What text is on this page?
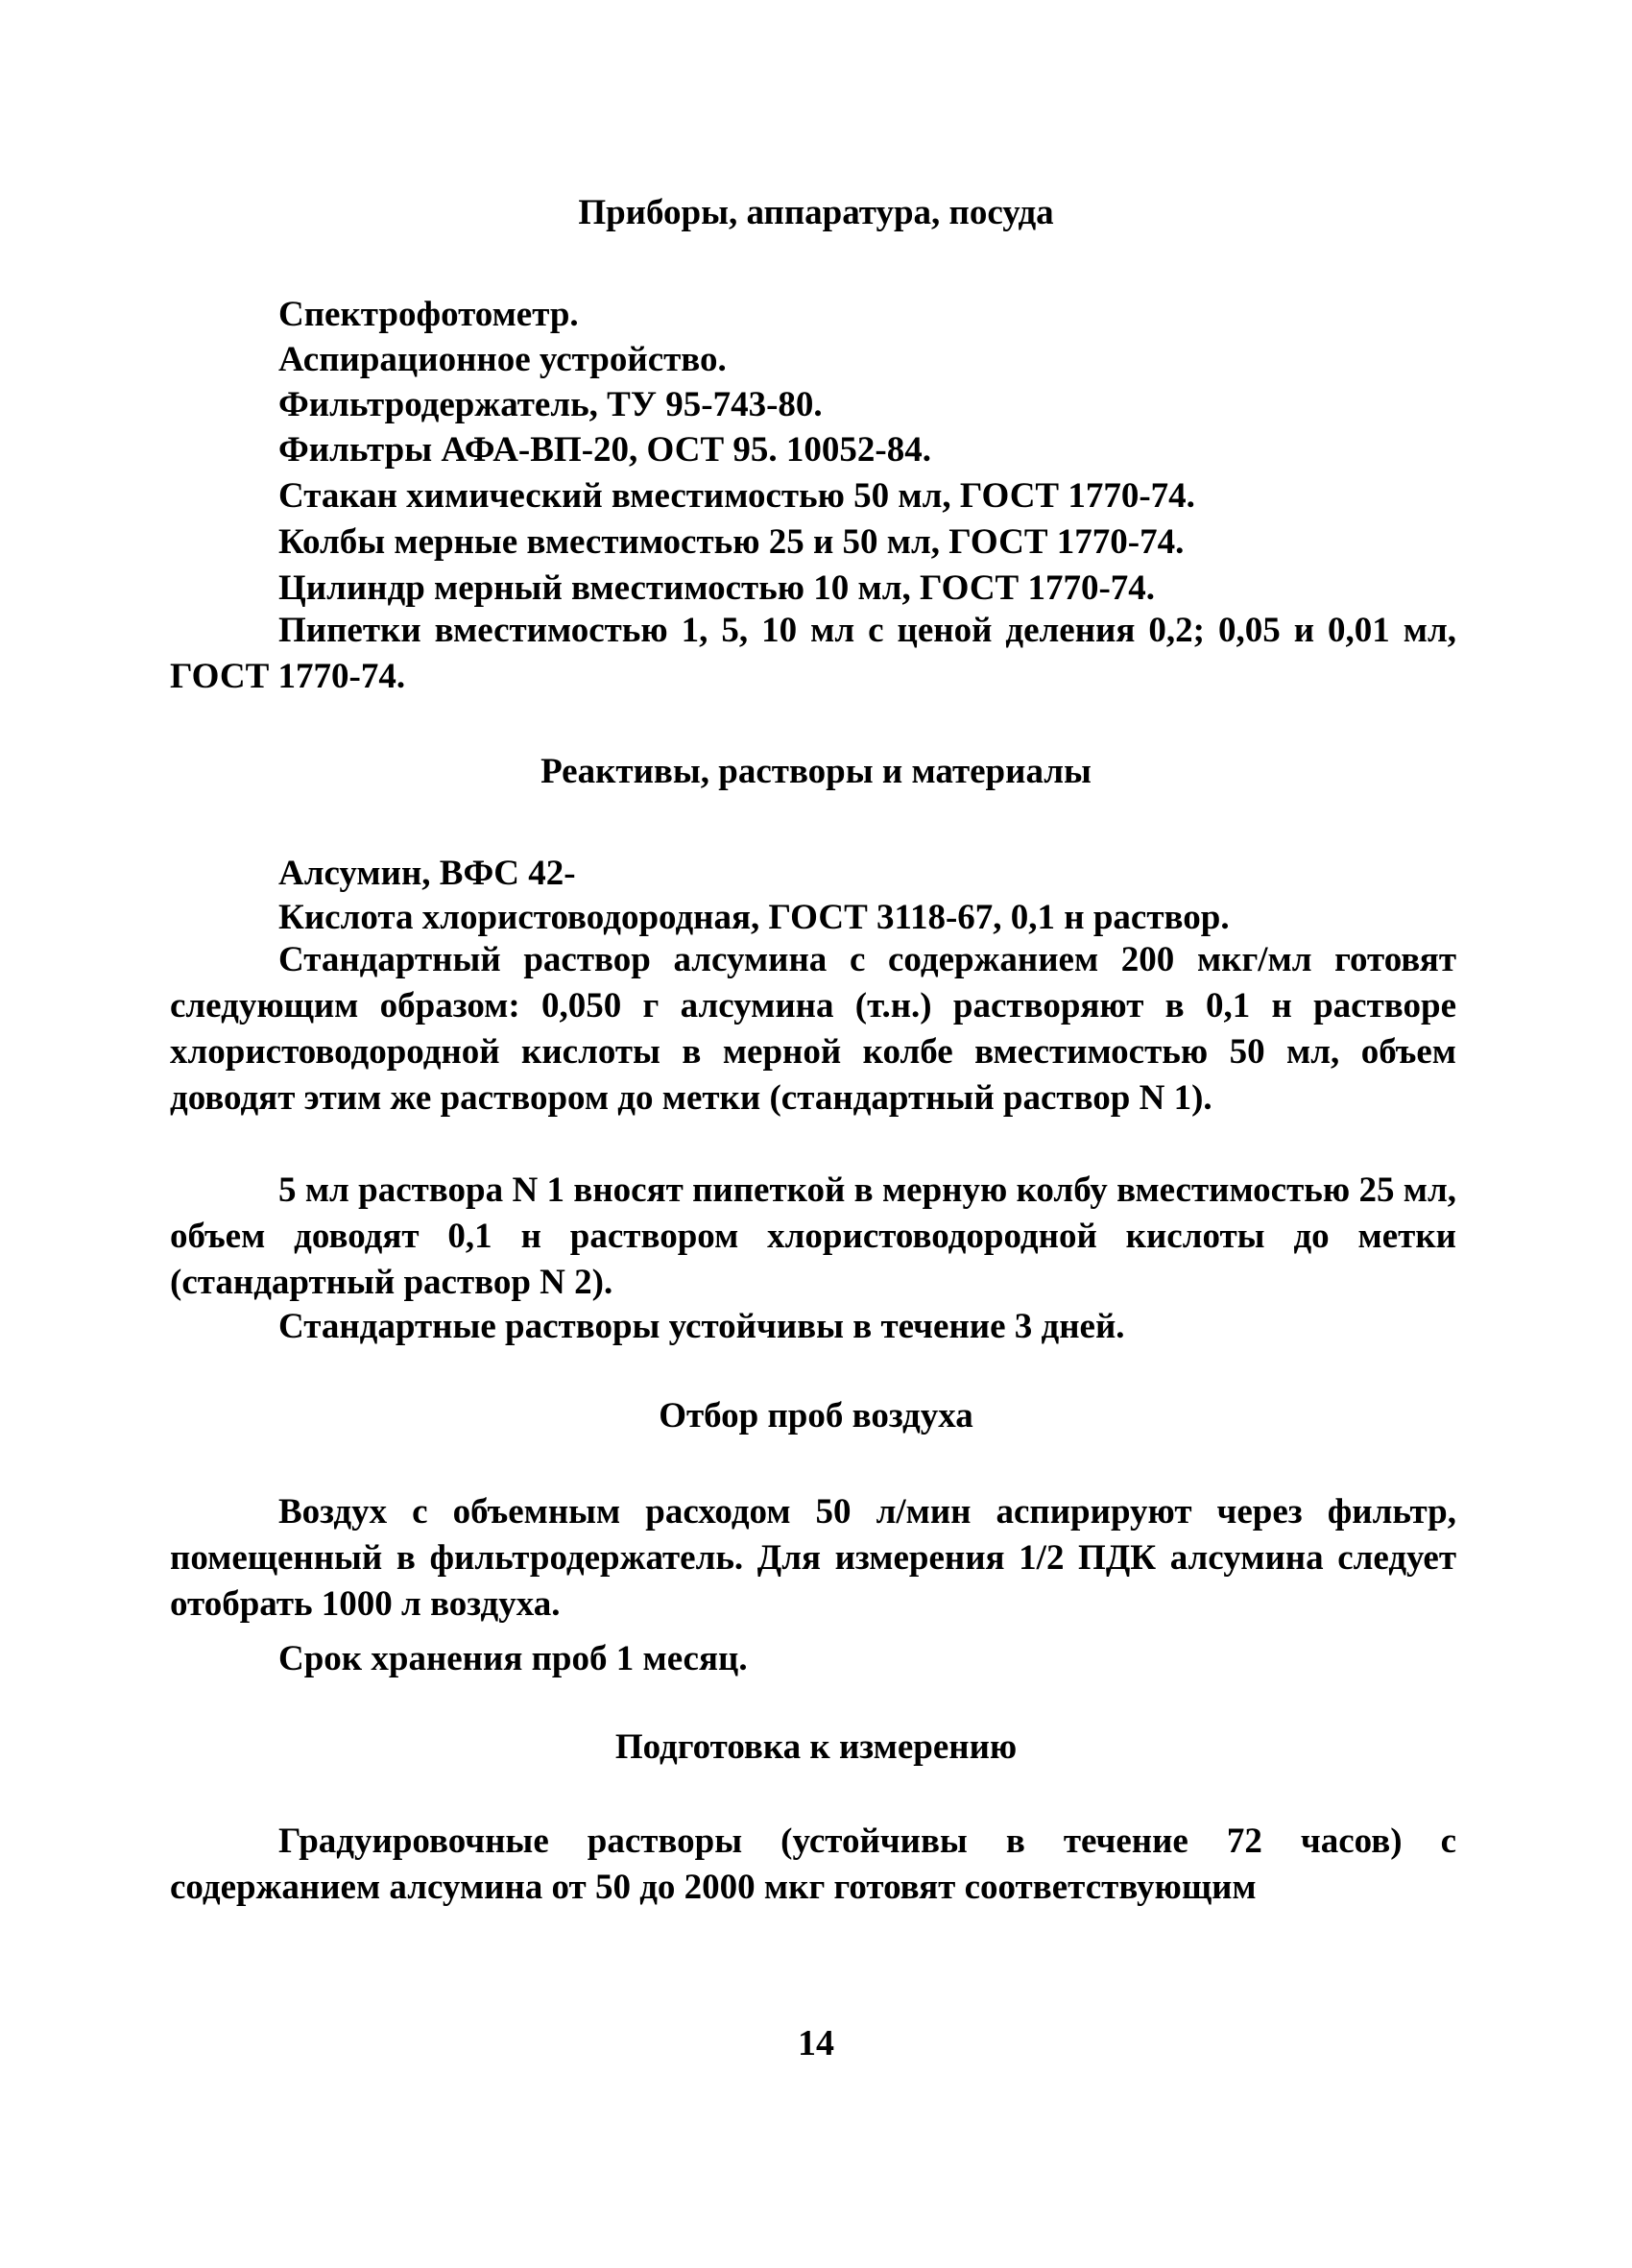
Приборы, аппаратура, посуда
Спектрофотометр.
Аспирационное устройство.
Фильтродержатель, ТУ 95-743-80.
Фильтры АФА-ВП-20, ОСТ 95. 10052-84.
Стакан химический вместимостью 50 мл, ГОСТ 1770-74.
Колбы мерные вместимостью 25 и 50 мл, ГОСТ 1770-74.
Цилиндр мерный вместимостью 10 мл, ГОСТ 1770-74.

Пипетки вместимостью 1, 5, 10 мл с ценой деления 0,2; 0,05 и 0,01 мл, ГОСТ 1770-74.

Реактивы, растворы и материалы
Алсумин, ВФС 42-
Кислота хлористоводородная, ГОСТ 3118-67, 0,1 н раствор.

Стандартный раствор алсумина с содержанием 200 мкг/мл готовят следующим образом: 0,050 г алсумина (т.н.) растворяют в 0,1 н растворе хлористоводородной кислоты в мерной колбе вместимостью 50 мл, объем доводят этим же раствором до метки (стандартный раствор N 1).

5 мл раствора N 1 вносят пипеткой в мерную колбу вместимостью 25 мл, объем доводят 0,1 н раствором хлористоводородной кислоты до метки (стандартный раствор N 2).

Стандартные растворы устойчивы в течение 3 дней.
Отбор проб воздуха

Воздух с объемным расходом 50 л/мин аспирируют через фильтр, помещенный в фильтродержатель. Для измерения 1/2 ПДК алсумина следует отобрать 1000 л воздуха.

Срок хранения проб 1 месяц.
Подготовка к измерению

Градуировочные растворы (устойчивы в течение 72 часов) с содержанием алсумина от 50 до 2000 мкг готовят соответствующим

14
